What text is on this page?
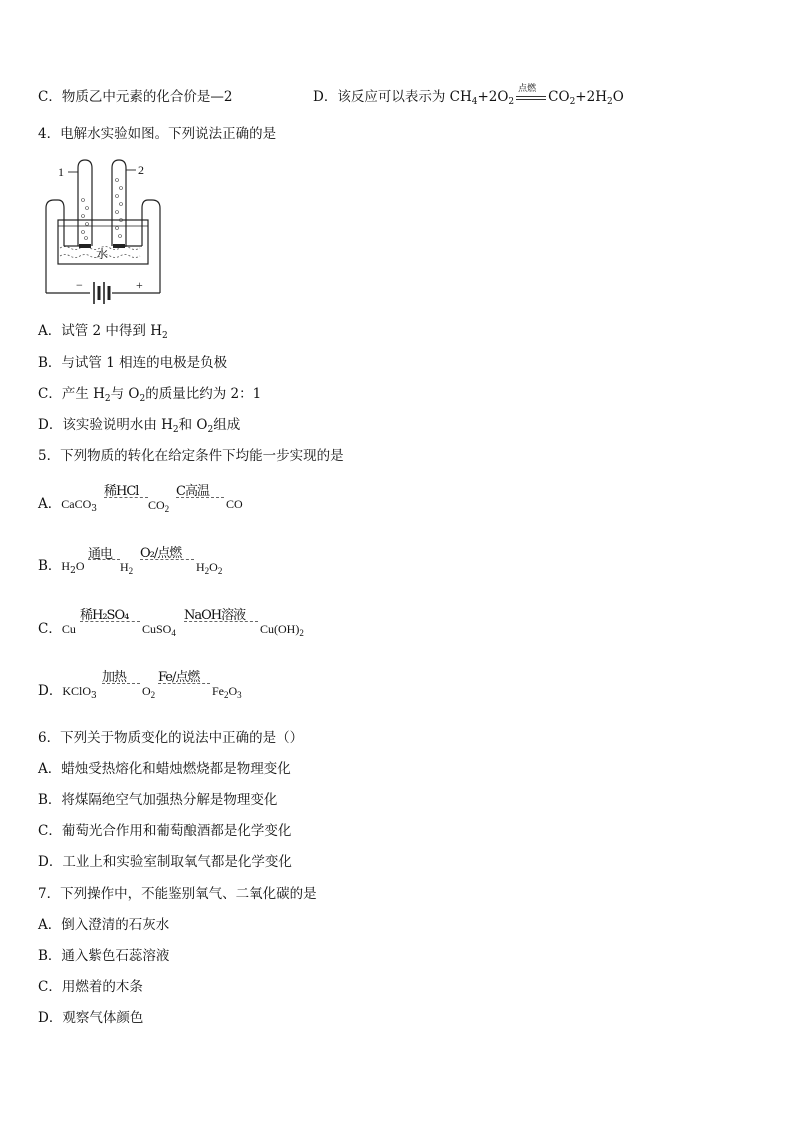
C．物质乙中元素的化合价是—2	D．该反应可以表示为 $CH_4+2O_2$
点燃 $CO_2+2H_2O$
4．电解水实验如图。下列说法正确的是
1	2
水
−	+
A．试管 2 中得到 $H_2$
B．与试管 1 相连的电极是负极
C．产生 $H_2$与 $O_2$的质量比约为 2：1
D．该实验说明水由 $H_2$和 $O_2$组成
5．下列物质的转化在给定条件下均能一步实现的是
A．CaCO$_3$
稀HCl
$CO_2$
C高温
CO
B．$H_2O$
通电
$H_2$
O₂/点燃
$H_2O_2$
C．Cu
稀H₂SO₄
CuSO$_4$
NaOH溶液
$Cu(OH)_2$
D．KClO$_3$
加热
$O_2$
Fe/点燃
$Fe_2O_3$
6．下列关于物质变化的说法中正确的是（）
A．蜡烛受热熔化和蜡烛燃烧都是物理变化
B．将煤隔绝空气加强热分解是物理变化
C．葡萄光合作用和葡萄酿酒都是化学变化
D．工业上和实验室制取氧气都是化学变化
7．下列操作中，不能鉴别氧气、二氧化碳的是
A．倒入澄清的石灰水
B．通入紫色石蕊溶液
C．用燃着的木条
D．观察气体颜色
